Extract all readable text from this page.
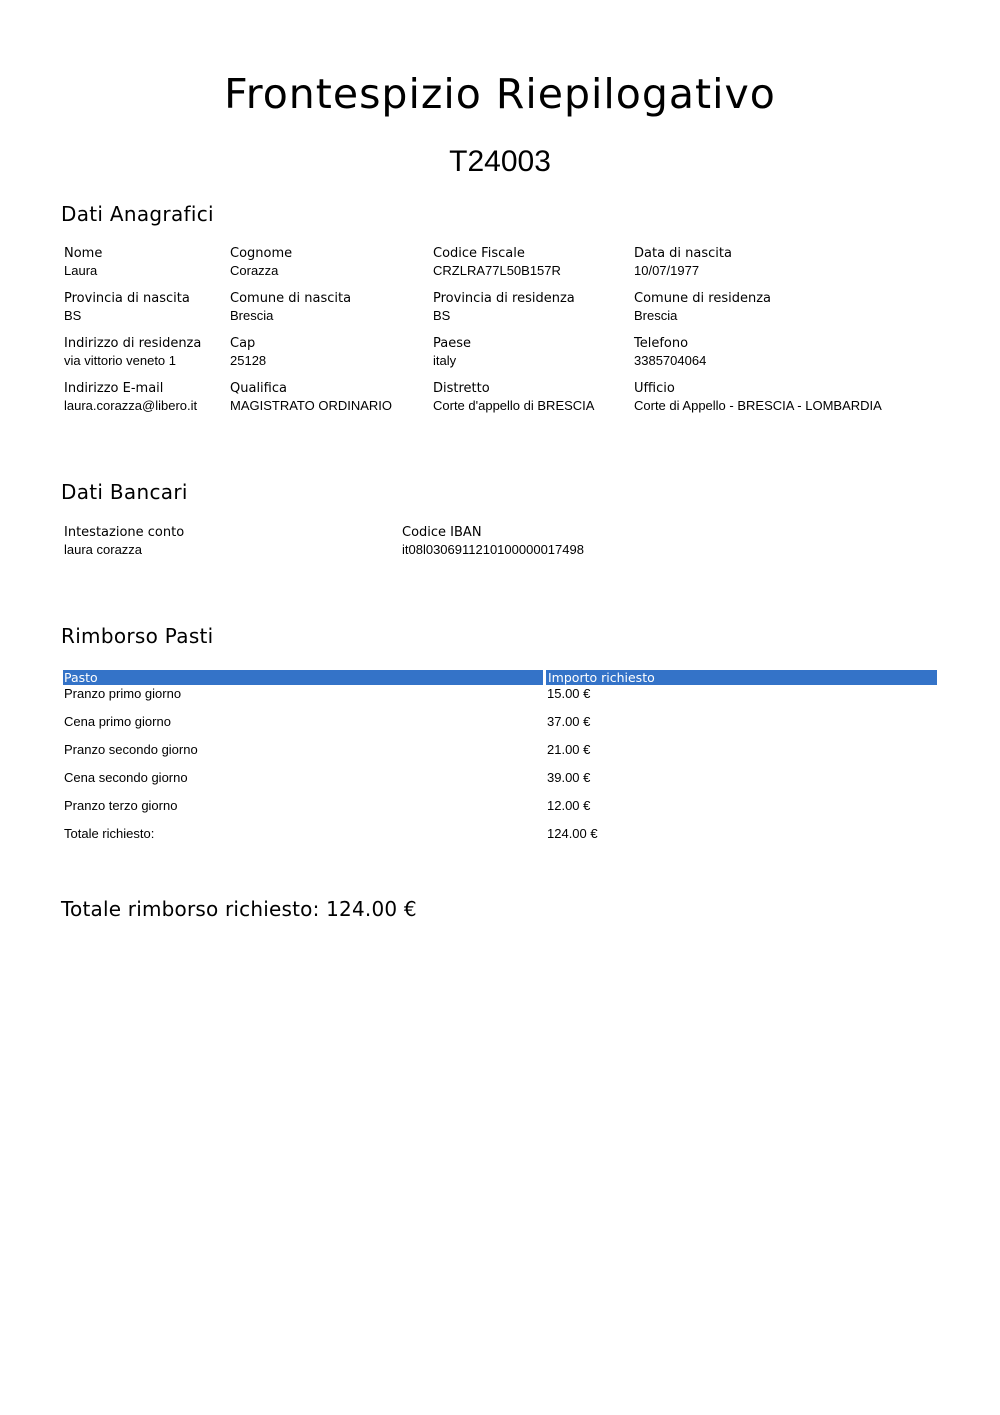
Frontespizio Riepilogativo
T24003
Dati Anagrafici
Nome
Laura
Cognome
Corazza
Codice Fiscale
CRZLRA77L50B157R
Data di nascita
10/07/1977
Provincia di nascita
BS
Comune di nascita
Brescia
Provincia di residenza
BS
Comune di residenza
Brescia
Indirizzo di residenza
via vittorio veneto 1
Cap
25128
Paese
italy
Telefono
3385704064
Indirizzo E-mail
laura.corazza@libero.it
Qualifica
MAGISTRATO ORDINARIO
Distretto
Corte d'appello di BRESCIA
Ufficio
Corte di Appello - BRESCIA - LOMBARDIA
Dati Bancari
Intestazione conto
laura corazza
Codice IBAN
it08l0306911210100000017498
Rimborso Pasti
Pasto	Importo richiesto
Pranzo primo giorno	15.00 €
Cena primo giorno	37.00 €
Pranzo secondo giorno	21.00 €
Cena secondo giorno	39.00 €
Pranzo terzo giorno	12.00 €
Totale richiesto:	124.00 €
Totale rimborso richiesto: 124.00 €
